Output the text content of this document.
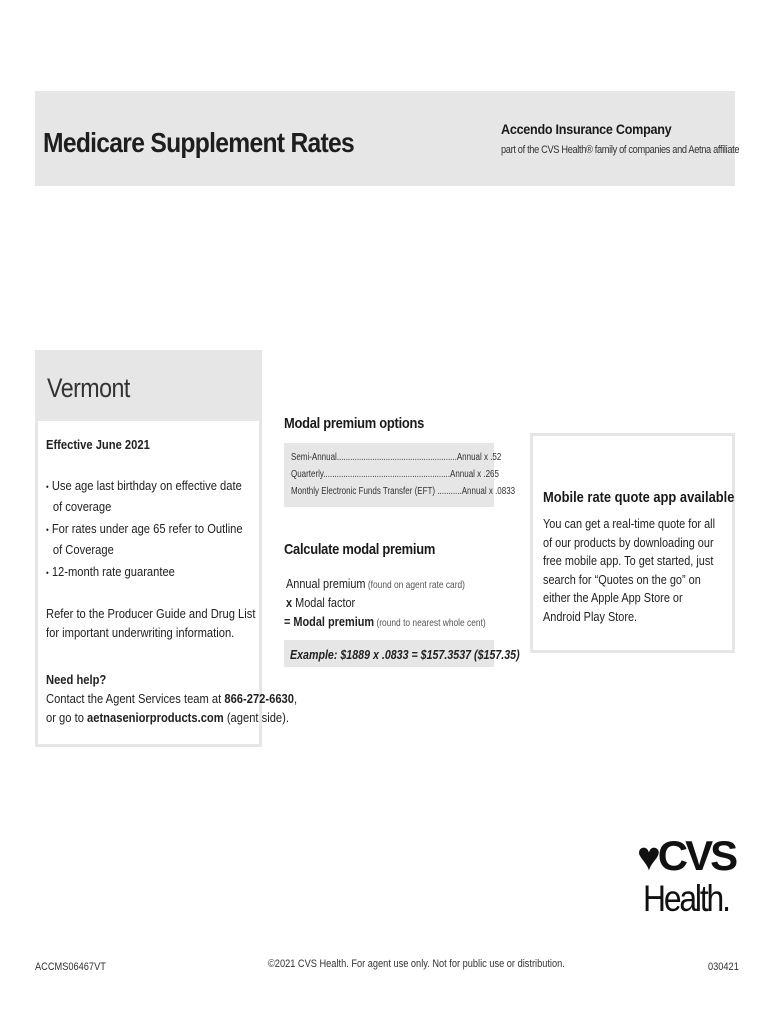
Medicare Supplement Rates	Accendo Insurance Company
part of the CVS Health® family of companies and Aetna affiliate
Vermont
Effective June 2021
• Use age last birthday on effective date
of coverage
• For rates under age 65 refer to Outline
of Coverage
• 12-month rate guarantee
Refer to the Producer Guide and Drug List
for important underwriting information.
Need help?
Contact the Agent Services team at 866-272-6630,
or go to aetnaseniorproducts.com (agent side).
Modal premium options
Semi-Annual......................................................Annual x .52
Quarterly.........................................................Annual x .265
Monthly Electronic Funds Transfer (EFT) ...........Annual x .0833
Calculate modal premium
Annual premium (found on agent rate card)
x Modal factor
= Modal premium (round to nearest whole cent)
Example: $1889 x .0833 = $157.3537 ($157.35)
Mobile rate quote app available
You can get a real-time quote for all of our products by downloading our free mobile app. To get started, just search for “Quotes on the go” on either the Apple App Store or Android Play Store.
♥CVS
Health.
ACCMS06467VT	©2021 CVS Health. For agent use only. Not for public use or distribution.	030421
